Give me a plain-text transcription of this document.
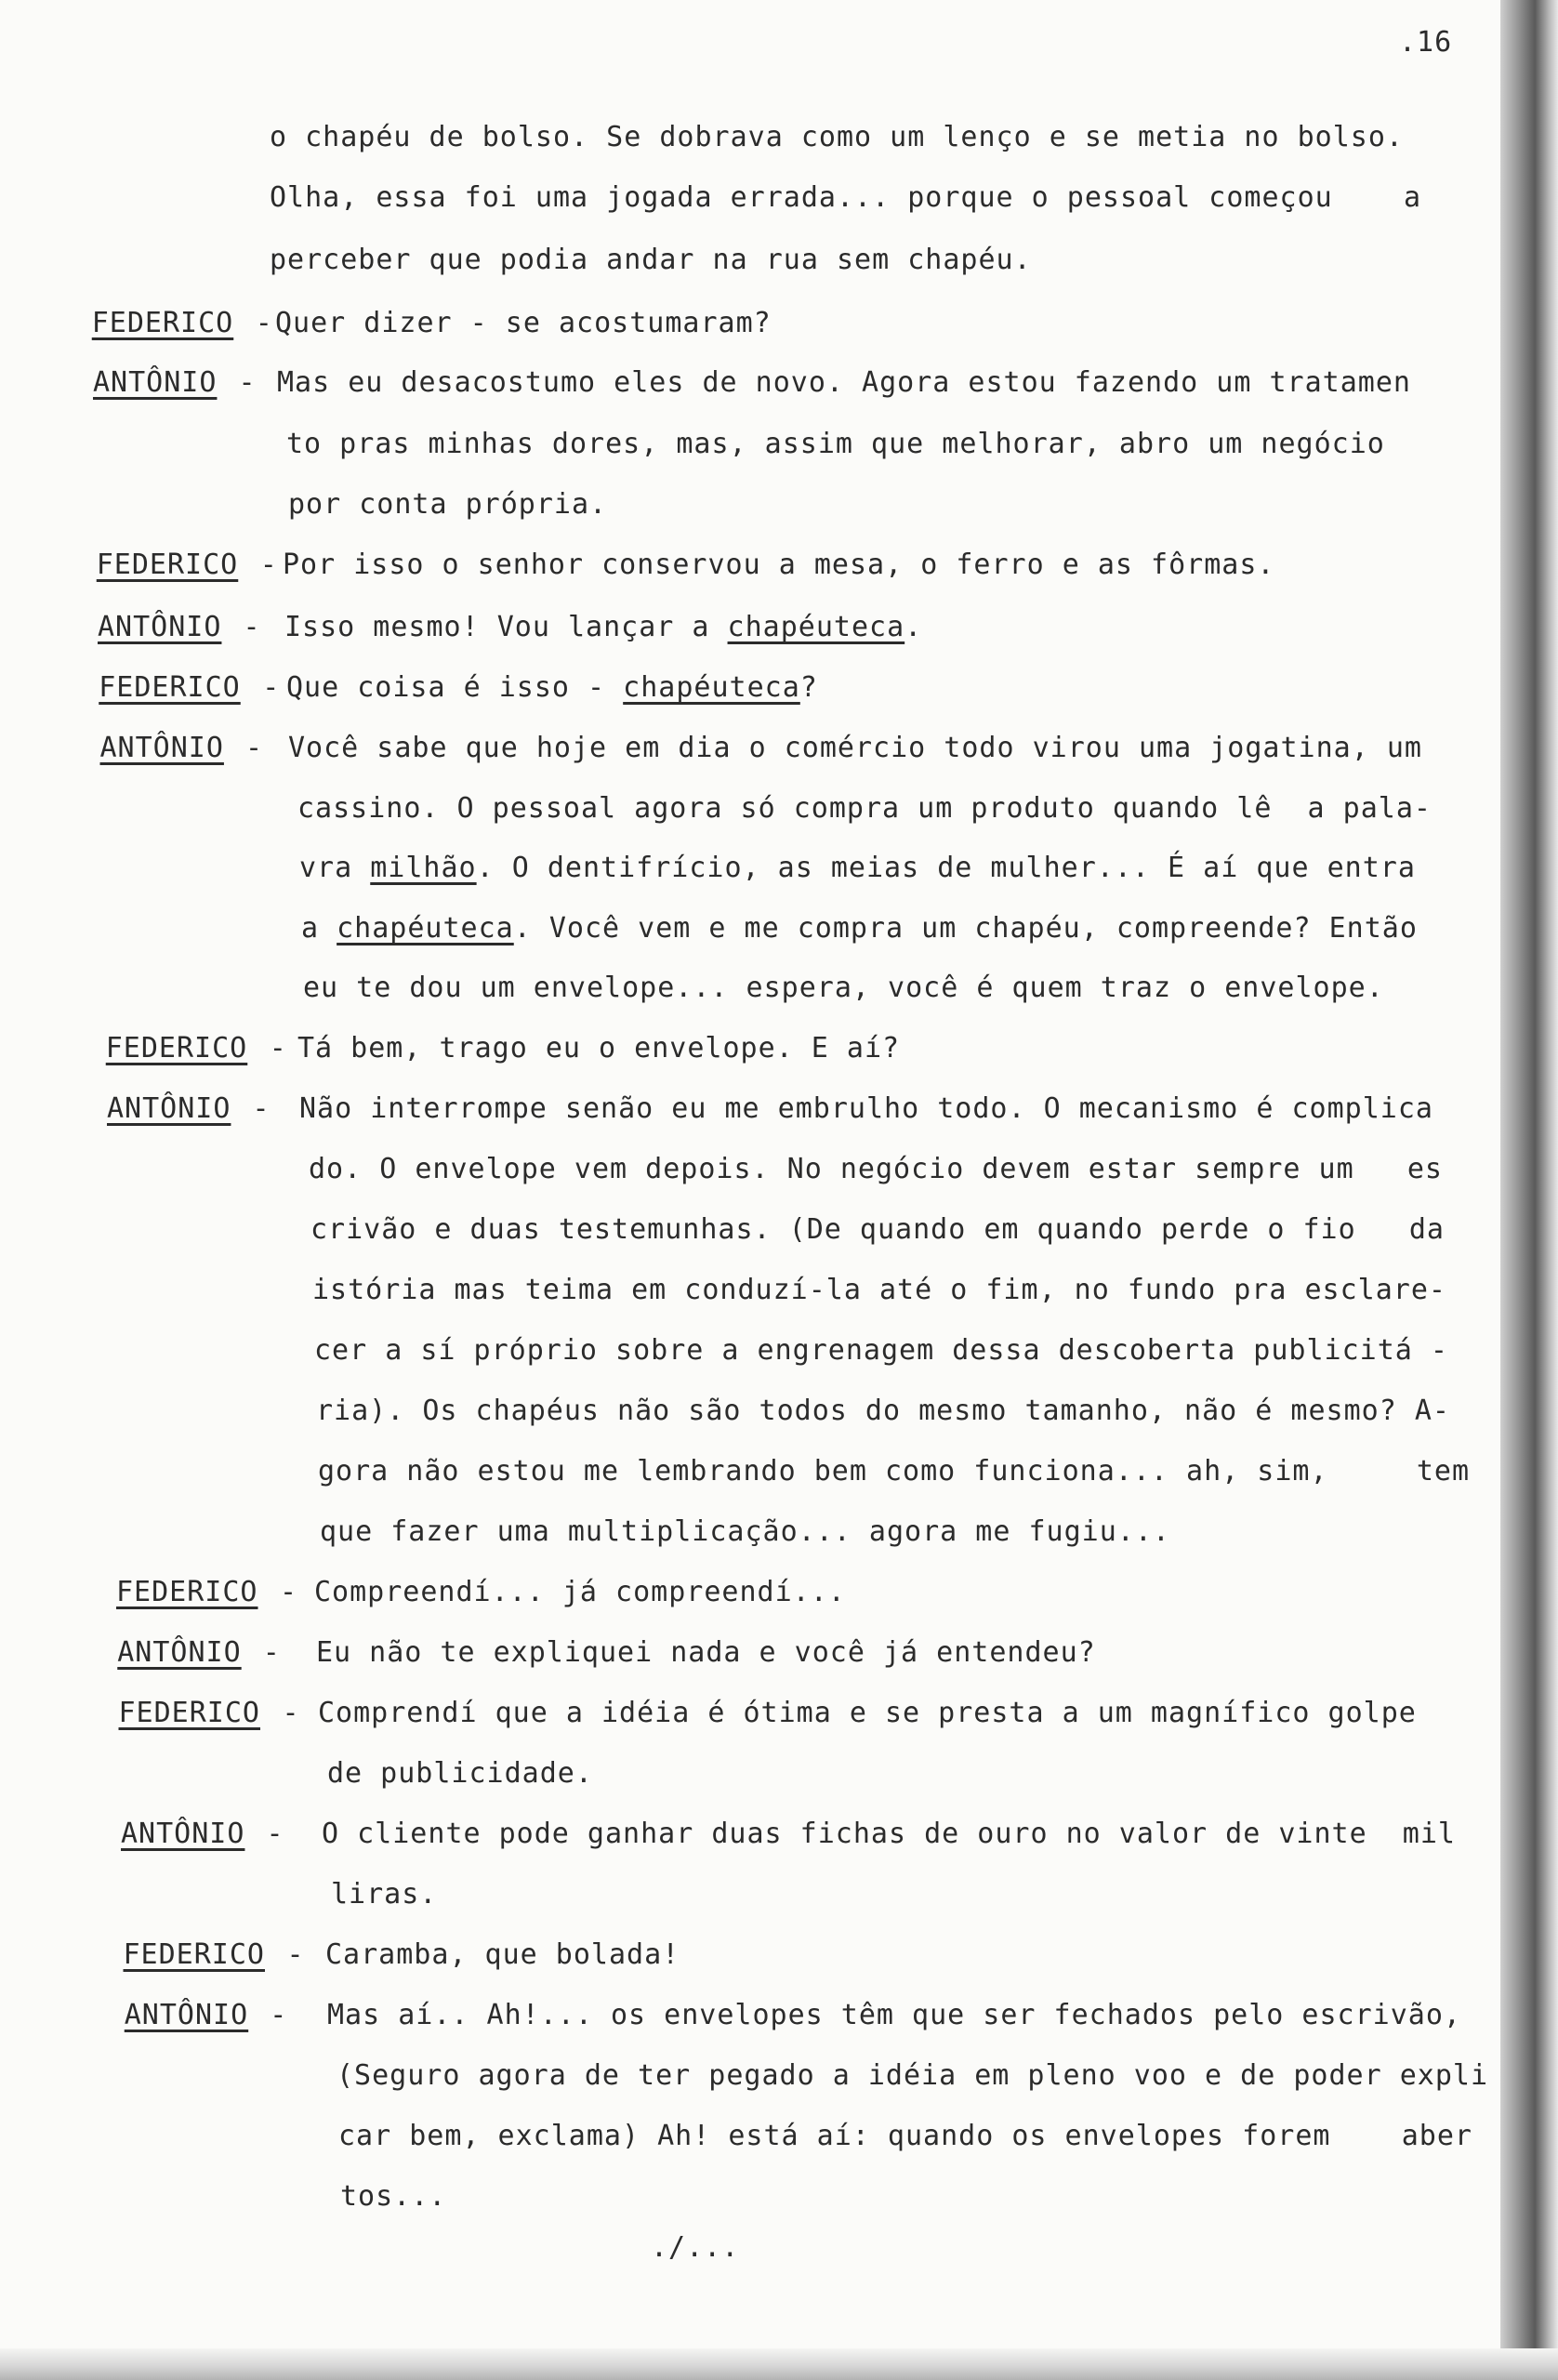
.16
o chapéu de bolso. Se dobrava como um lenço e se metia no bolso.
Olha, essa foi uma jogada errada... porque o pessoal começou    a
perceber que podia andar na rua sem chapéu.
FEDERICO - Quer dizer - se acostumaram?
ANTÔNIO - Mas eu desacostumo eles de novo. Agora estou fazendo um tratamen
to pras minhas dores, mas, assim que melhorar, abro um negócio
por conta própria.
FEDERICO - Por isso o senhor conservou a mesa, o ferro e as fôrmas.
ANTÔNIO - Isso mesmo! Vou lançar a chapéuteca.
FEDERICO - Que coisa é isso - chapéuteca?
ANTÔNIO - Você sabe que hoje em dia o comércio todo virou uma jogatina, um
cassino. O pessoal agora só compra um produto quando lê  a pala-
vra milhão. O dentifrício, as meias de mulher... É aí que entra
a chapéuteca. Você vem e me compra um chapéu, compreende? Então
eu te dou um envelope... espera, você é quem traz o envelope.
FEDERICO - Tá bem, trago eu o envelope. E aí?
ANTÔNIO - Não interrompe senão eu me embrulho todo. O mecanismo é complica
do. O envelope vem depois. No negócio devem estar sempre um   es
crivão e duas testemunhas. (De quando em quando perde o fio   da
istória mas teima em conduzí-la até o fim, no fundo pra esclare-
cer a sí próprio sobre a engrenagem dessa descoberta publicitá -
ria). Os chapéus não são todos do mesmo tamanho, não é mesmo? A-
gora não estou me lembrando bem como funciona... ah, sim,     tem
que fazer uma multiplicação... agora me fugiu...
FEDERICO - Compreendí... já compreendí...
ANTÔNIO - Eu não te expliquei nada e você já entendeu?
FEDERICO - Comprendí que a idéia é ótima e se presta a um magnífico golpe
de publicidade.
ANTÔNIO - O cliente pode ganhar duas fichas de ouro no valor de vinte  mil
liras.
FEDERICO - Caramba, que bolada!
ANTÔNIO - Mas aí.. Ah!... os envelopes têm que ser fechados pelo escrivão,
(Seguro agora de ter pegado a idéia em pleno voo e de poder expli
car bem, exclama) Ah! está aí: quando os envelopes forem    aber
tos...
./...
